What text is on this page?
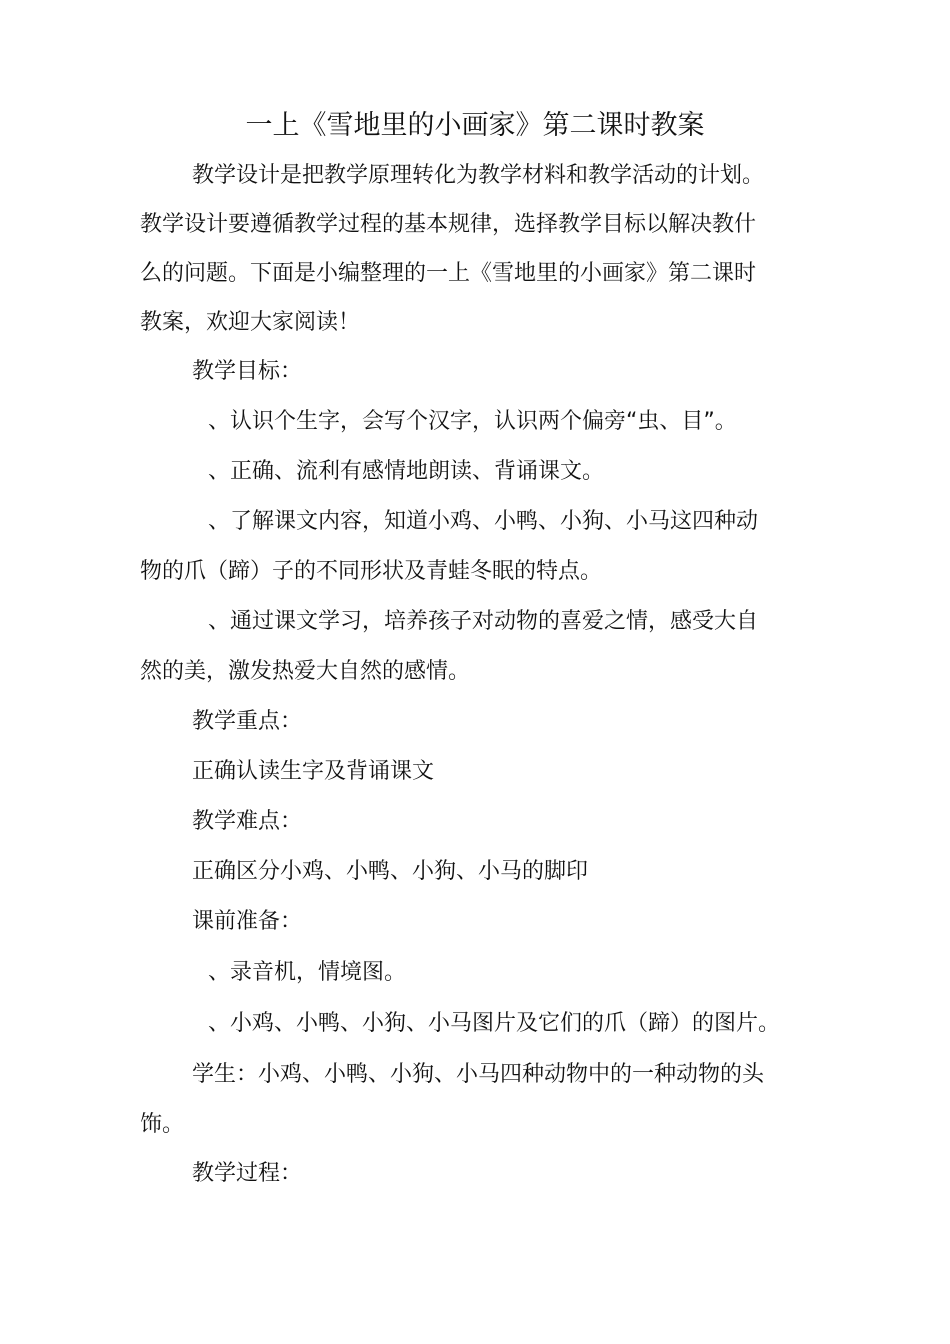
一上《雪地里的小画家》第二课时教案

教学设计是把教学原理转化为教学材料和教学活动的计划。

教学设计要遵循教学过程的基本规律，选择教学目标以解决教什

么的问题。下面是小编整理的一上《雪地里的小画家》第二课时

教案，欢迎大家阅读！

教学目标：

、认识个生字，会写个汉字，认识两个偏旁“虫、目”。

、正确、流利有感情地朗读、背诵课文。

、了解课文内容，知道小鸡、小鸭、小狗、小马这四种动

物的爪（蹄）子的不同形状及青蛙冬眠的特点。

、通过课文学习，培养孩子对动物的喜爱之情，感受大自

然的美，激发热爱大自然的感情。

教学重点：

正确认读生字及背诵课文

教学难点：

正确区分小鸡、小鸭、小狗、小马的脚印

课前准备：

、录音机，情境图。

、小鸡、小鸭、小狗、小马图片及它们的爪（蹄）的图片。

学生：小鸡、小鸭、小狗、小马四种动物中的一种动物的头

饰。

教学过程：
